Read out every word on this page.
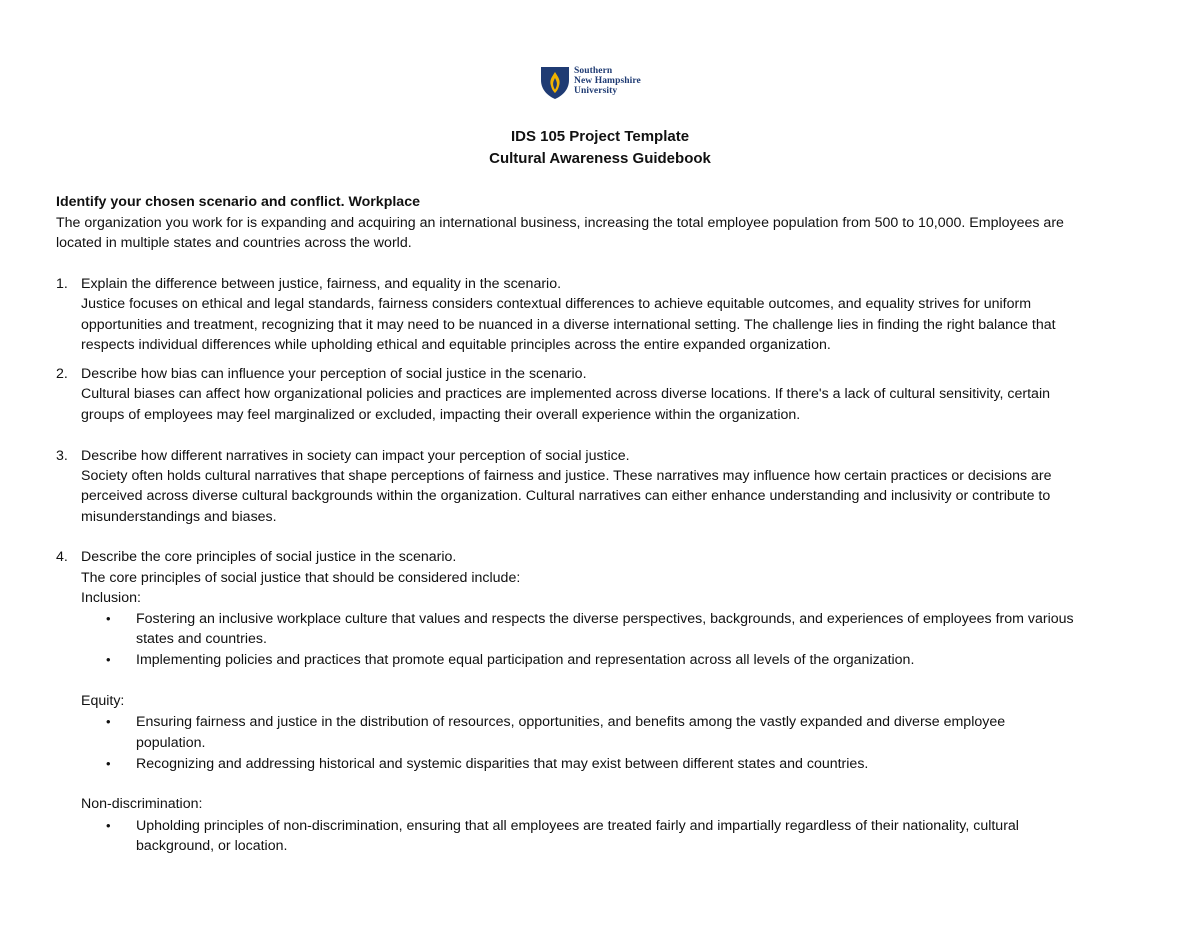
Southern
New Hampshire
University
IDS 105 Project Template
Cultural Awareness Guidebook
Identify your chosen scenario and conflict. Workplace
The organization you work for is expanding and acquiring an international business, increasing the total employee population from 500 to 10,000. Employees are
located in multiple states and countries across the world.
1. Explain the difference between justice, fairness, and equality in the scenario.
Justice focuses on ethical and legal standards, fairness considers contextual differences to achieve equitable outcomes, and equality strives for uniform
opportunities and treatment, recognizing that it may need to be nuanced in a diverse international setting. The challenge lies in finding the right balance that
respects individual differences while upholding ethical and equitable principles across the entire expanded organization.
2. Describe how bias can influence your perception of social justice in the scenario.
Cultural biases can affect how organizational policies and practices are implemented across diverse locations. If there's a lack of cultural sensitivity, certain
groups of employees may feel marginalized or excluded, impacting their overall experience within the organization.
3. Describe how different narratives in society can impact your perception of social justice.
Society often holds cultural narratives that shape perceptions of fairness and justice. These narratives may influence how certain practices or decisions are
perceived across diverse cultural backgrounds within the organization. Cultural narratives can either enhance understanding and inclusivity or contribute to
misunderstandings and biases.
4. Describe the core principles of social justice in the scenario.
The core principles of social justice that should be considered include:
Inclusion:
• Fostering an inclusive workplace culture that values and respects the diverse perspectives, backgrounds, and experiences of employees from various
states and countries.
• Implementing policies and practices that promote equal participation and representation across all levels of the organization.
Equity:
• Ensuring fairness and justice in the distribution of resources, opportunities, and benefits among the vastly expanded and diverse employee
population.
• Recognizing and addressing historical and systemic disparities that may exist between different states and countries.
Non-discrimination:
• Upholding principles of non-discrimination, ensuring that all employees are treated fairly and impartially regardless of their nationality, cultural
background, or location.
